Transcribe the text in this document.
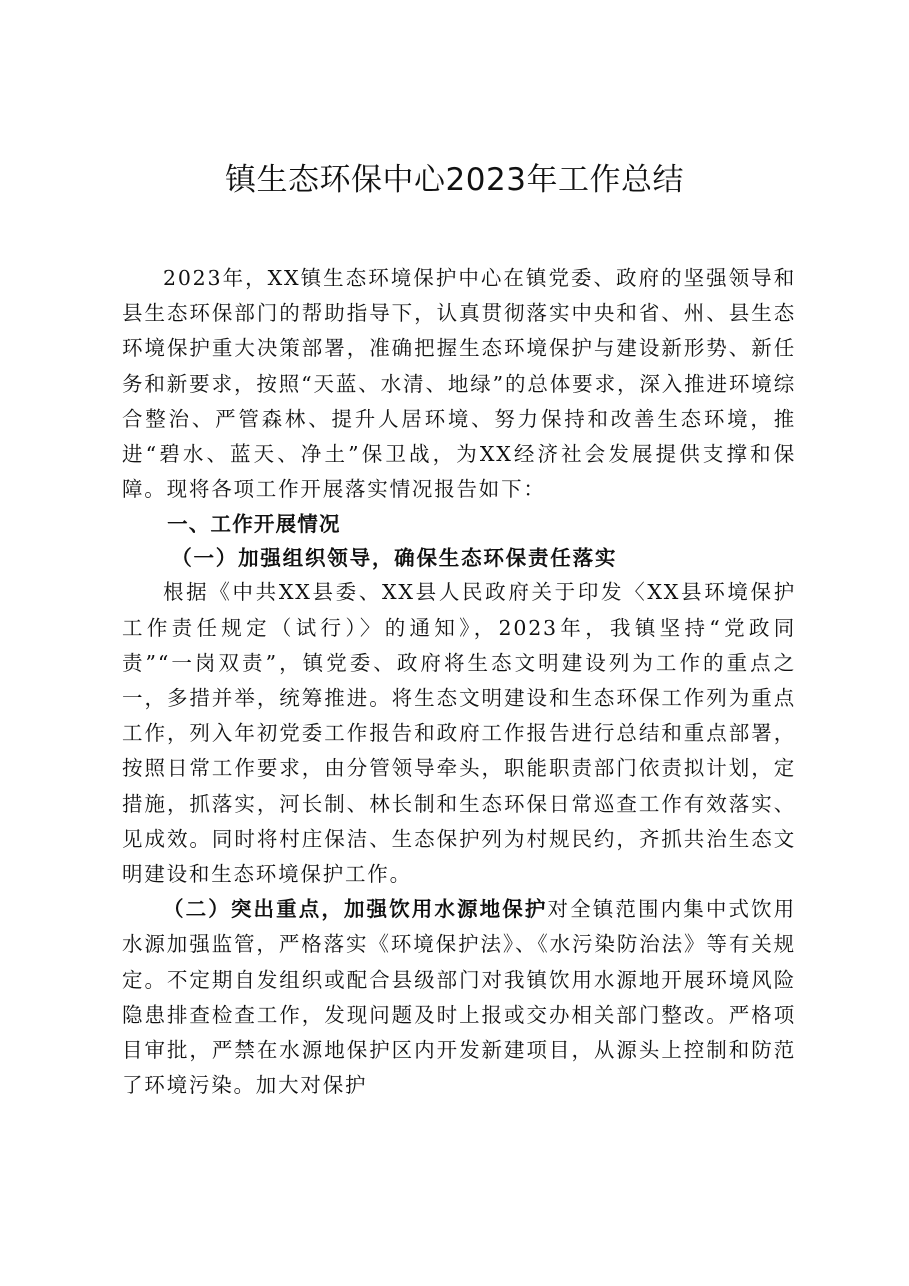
镇生态环保中心2023年工作总结

2023年，XX镇生态环境保护中心在镇党委、政府的坚强领导和县生态环保部门的帮助指导下，认真贯彻落实中央和省、州、县生态环境保护重大决策部署，准确把握生态环境保护与建设新形势、新任务和新要求，按照“天蓝、水清、地绿”的总体要求，深入推进环境综合整治、严管森林、提升人居环境、努力保持和改善生态环境，推进“碧水、蓝天、净土”保卫战，为XX经济社会发展提供支撑和保障。现将各项工作开展落实情况报告如下：

一、工作开展情况

（一）加强组织领导，确保生态环保责任落实

根据《中共XX县委、XX县人民政府关于印发〈XX县环境保护工作责任规定（试行）〉的通知》，2023年，我镇坚持“党政同责”“一岗双责”，镇党委、政府将生态文明建设列为工作的重点之一，多措并举，统筹推进。将生态文明建设和生态环保工作列为重点工作，列入年初党委工作报告和政府工作报告进行总结和重点部署，按照日常工作要求，由分管领导牵头，职能职责部门依责拟计划，定措施，抓落实，河长制、林长制和生态环保日常巡查工作有效落实、见成效。同时将村庄保洁、生态保护列为村规民约，齐抓共治生态文明建设和生态环境保护工作。

（二）突出重点，加强饮用水源地保护对全镇范围内集中式饮用水源加强监管，严格落实《环境保护法》、《水污染防治法》等有关规定。不定期自发组织或配合县级部门对我镇饮用水源地开展环境风险隐患排查检查工作，发现问题及时上报或交办相关部门整改。严格项目审批，严禁在水源地保护区内开发新建项目，从源头上控制和防范了环境污染。加大对保护
